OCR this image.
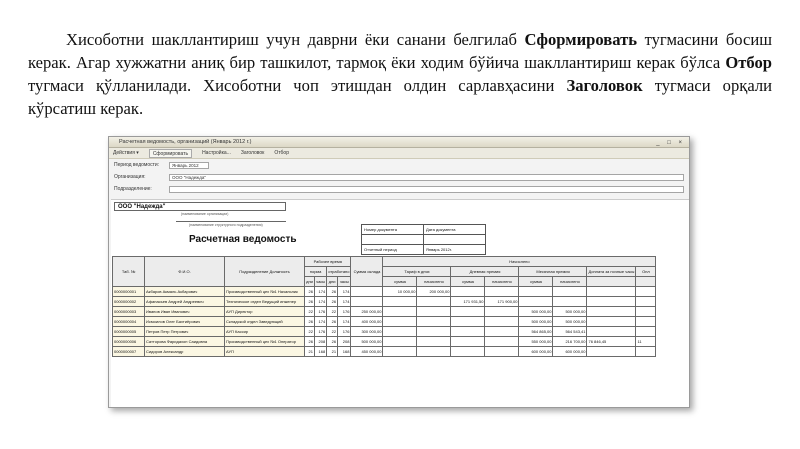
Хисоботни шакллантириш учун даврни ёки санани белгилаб Сформировать тугмасини босиш керак. Агар хужжатни аниқ бир ташкилот, тармоқ ёки ходим бўйича шакллантириш керак бўлса Отбор тугмаси қўлланилади. Хисоботни чоп этишдан олдин сарлавҳасини Заголовок тугмаси орқали кўрсатиш керак.

Расчетная ведомость, организаций (Январь 2012 г.)	_ □ ×
Действия ▾	Сформировать	Настройка... Заголовок Отбор
Период ведомости:	Январь 2012
Организация:	ООО "Надежда"
Подразделение:
ООО "Надежда"
(наименование организации)
(наименование структурного подразделения)
Расчетная ведомость
Номер документа	Дата документа

Отчетный период	Январь 2012г.
Таб. №	Ф.И.О.	Подразделение Должность	Рабочее время				Сумма оклада	Начислено							
			норма		отработано			Тариф в днях		Дневная премия		Месячная премия		Доплата за ночные часы	Опл
			дни	часы	дни	часы		сумма	начислено	сумма	начислено	сумма	начислено		
0000000001	Акбаров Акмаль Акбарович	Производственный цех №1 Начальник	26	174	26	174		10 000,00	200 000,00						
0000000002	Афанасьев Андрей Андреевич	Техническое отдел Ведущий инженер	26	174	26	174				171 931,50	171 900,00				
0000000003	Иванов Иван Иванович	АУП Директор	22	176	22	176	250 000,00					500 000,00	500 000,00		
0000000004	Исмоилов Олег Бахтиёрович	Складской отдел Заведующий	26	174	26	174	400 000,00					500 000,00	500 000,00		
0000000005	Петров Петр Петрович	АУП Кассир	22	176	22	176	300 000,00					564 865,00	564 543,41		
0000000006	Сатторова Фаридахон Саидовна	Производственный цех №1 Оператор	26	208	26	208	500 000,00					550 000,00	216 700,00	76 846,45	11
0000000007	Сидоров Александр	АУП	21	168	21	168	450 000,00					600 000,00	600 000,00		
